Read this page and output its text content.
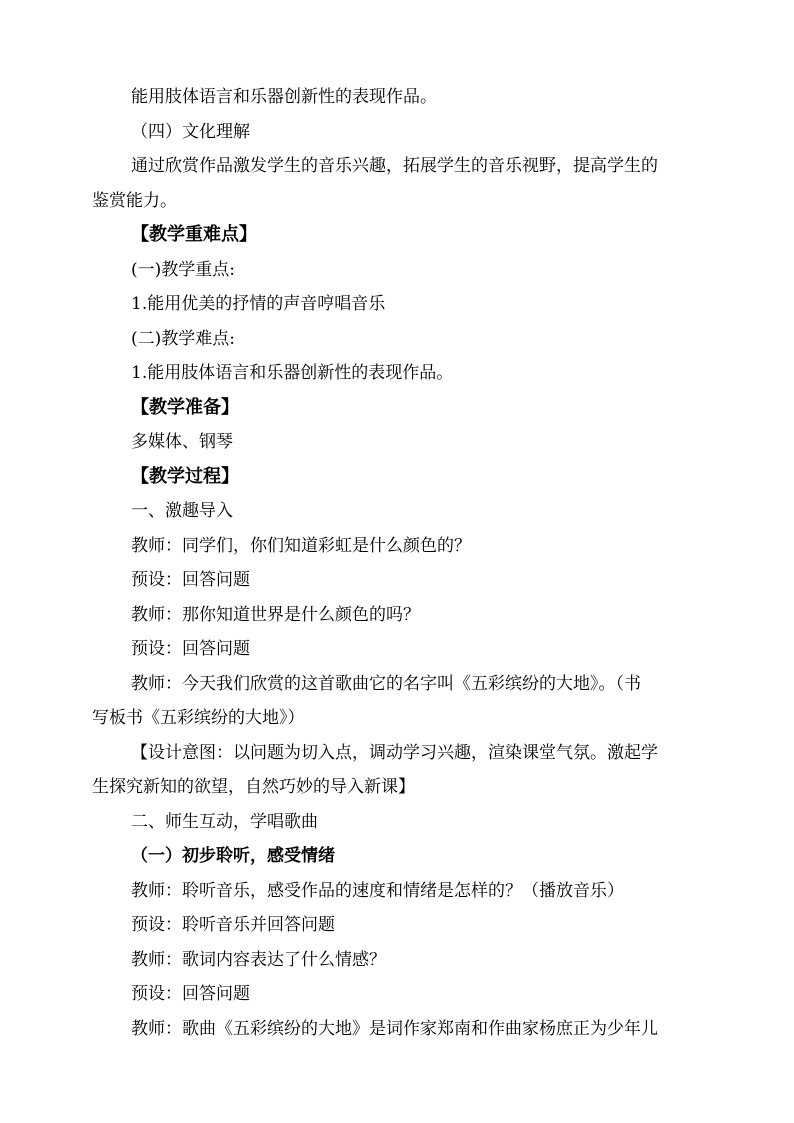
能用肢体语言和乐器创新性的表现作品。
（四）文化理解
通过欣赏作品激发学生的音乐兴趣，拓展学生的音乐视野，提高学生的
鉴赏能力。
【教学重难点】
(一)教学重点:
1.能用优美的抒情的声音哼唱音乐
(二)教学难点:
1.能用肢体语言和乐器创新性的表现作品。
【教学准备】
多媒体、钢琴
【教学过程】
一、激趣导入
教师：同学们，你们知道彩虹是什么颜色的？
预设：回答问题
教师：那你知道世界是什么颜色的吗？
预设：回答问题
教师：今天我们欣赏的这首歌曲它的名字叫《五彩缤纷的大地》。（书
写板书《五彩缤纷的大地》）
【设计意图：以问题为切入点，调动学习兴趣，渲染课堂气氛。激起学
生探究新知的欲望，自然巧妙的导入新课】
二、师生互动，学唱歌曲
（一）初步聆听，感受情绪
教师：聆听音乐，感受作品的速度和情绪是怎样的？（播放音乐）
预设：聆听音乐并回答问题
教师：歌词内容表达了什么情感？
预设：回答问题
教师：歌曲《五彩缤纷的大地》是词作家郑南和作曲家杨庶正为少年儿
